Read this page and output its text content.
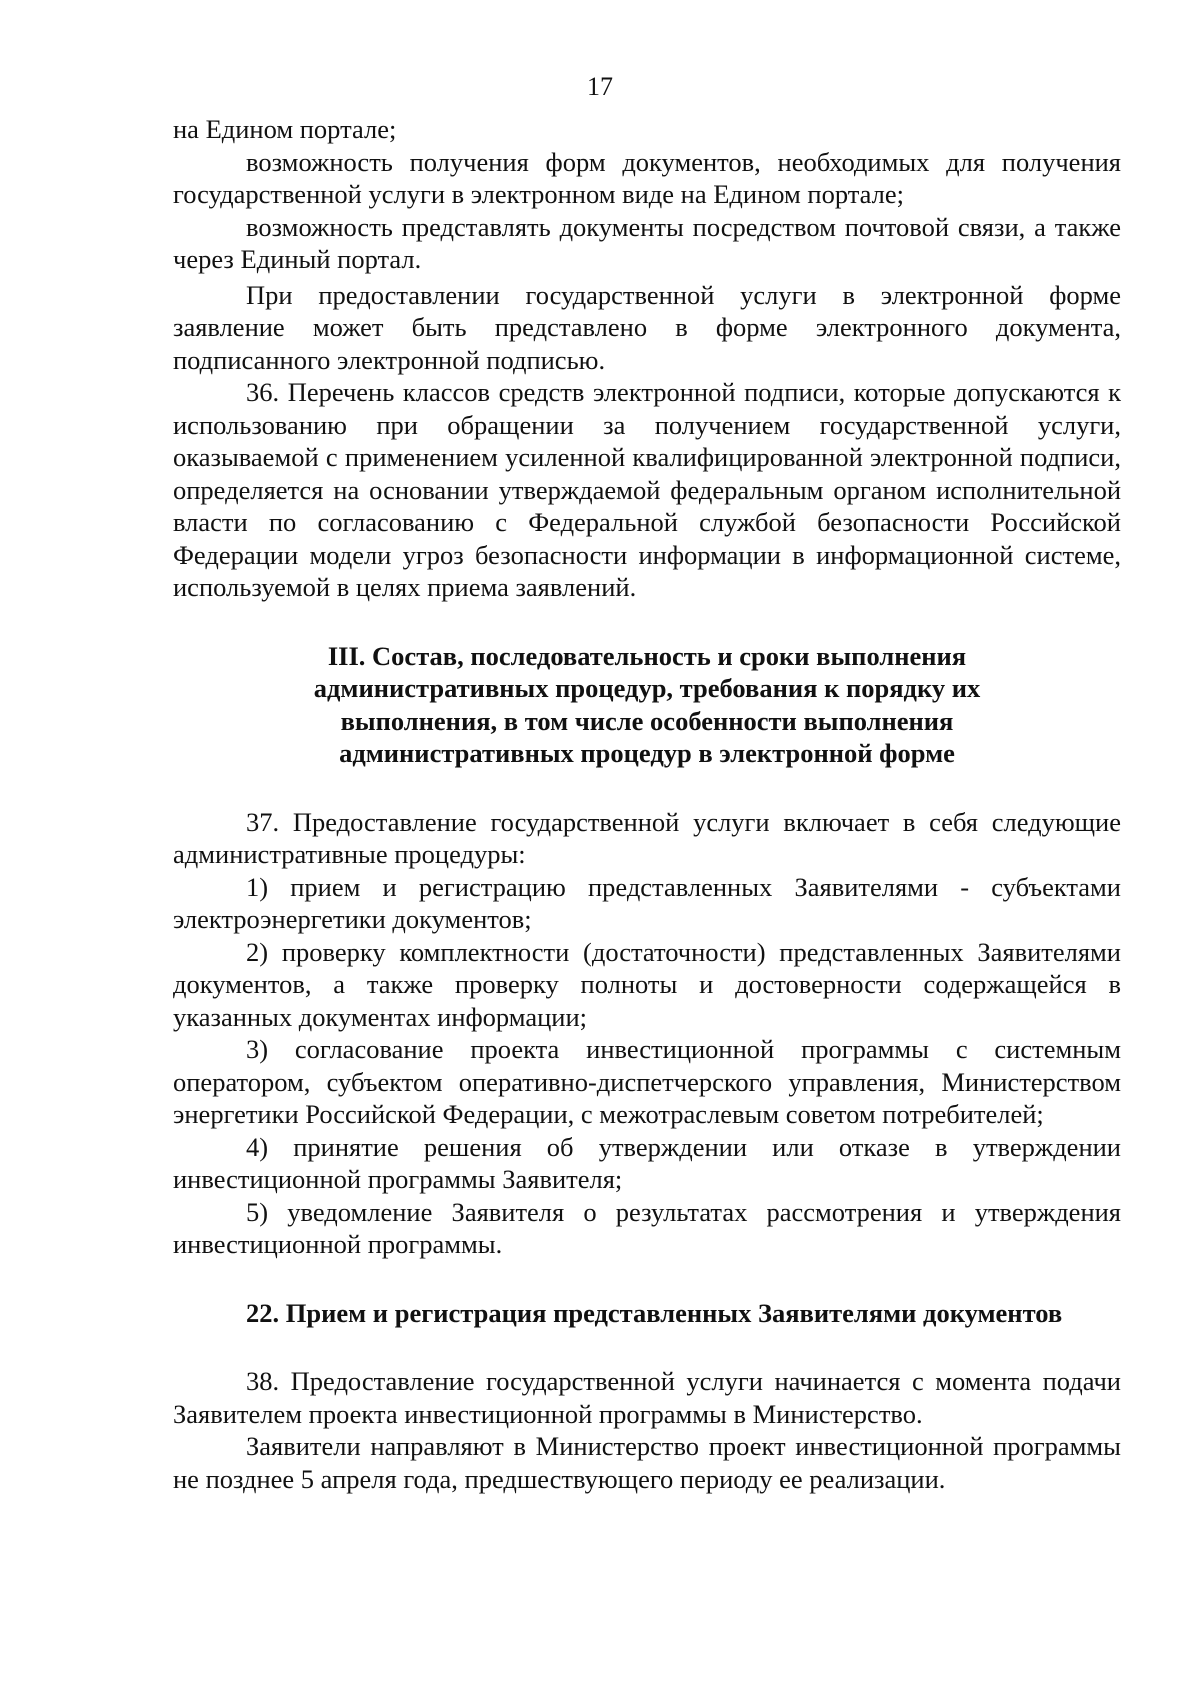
17

на Едином портале;

возможность получения форм документов, необходимых для получения государственной услуги в электронном виде на Едином портале;

возможность представлять документы посредством почтовой связи, а также через Единый портал.

При предоставлении государственной услуги в электронной форме заявление может быть представлено в форме электронного документа, подписанного электронной подписью.

36. Перечень классов средств электронной подписи, которые допускаются к использованию при обращении за получением государственной услуги, оказываемой с применением усиленной квалифицированной электронной подписи, определяется на основании утверждаемой федеральным органом исполнительной власти по согласованию с Федеральной службой безопасности Российской Федерации модели угроз безопасности информации в информационной системе, используемой в целях приема заявлений.

III. Состав, последовательность и сроки выполнения
административных процедур, требования к порядку их
выполнения, в том числе особенности выполнения
административных процедур в электронной форме

37. Предоставление государственной услуги включает в себя следующие административные процедуры:

1) прием и регистрацию представленных Заявителями - субъектами электроэнергетики документов;

2) проверку комплектности (достаточности) представленных Заявителями документов, а также проверку полноты и достоверности содержащейся в указанных документах информации;

3) согласование проекта инвестиционной программы с системным оператором, субъектом оперативно-диспетчерского управления, Министерством энергетики Российской Федерации, с межотраслевым советом потребителей;

4) принятие решения об утверждении или отказе в утверждении инвестиционной программы Заявителя;

5) уведомление Заявителя о результатах рассмотрения и утверждения инвестиционной программы.

22. Прием и регистрация представленных Заявителями документов

38. Предоставление государственной услуги начинается с момента подачи Заявителем проекта инвестиционной программы в Министерство.

Заявители направляют в Министерство проект инвестиционной программы не позднее 5 апреля года, предшествующего периоду ее реализации.
